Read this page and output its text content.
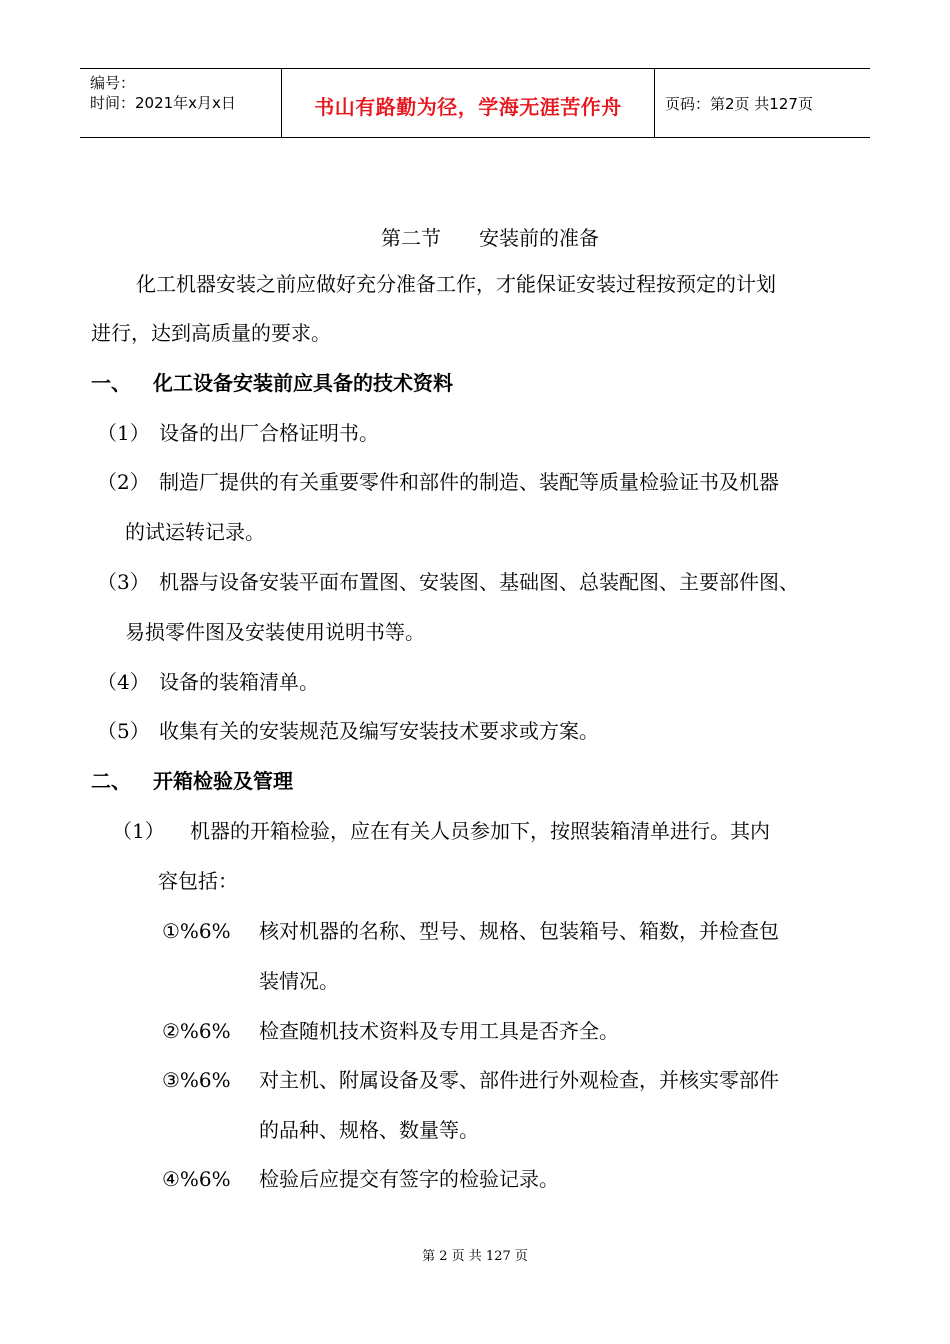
编号：
时间：2021年x月x日	书山有路勤为径，学海无涯苦作舟	页码：第2页 共127页
第二节 安装前的准备
化工机器安装之前应做好充分准备工作，才能保证安装过程按预定的计划
进行，达到高质量的要求。
一、 化工设备安装前应具备的技术资料
（1） 设备的出厂合格证明书。
（2） 制造厂提供的有关重要零件和部件的制造、装配等质量检验证书及机器
的试运转记录。
（3） 机器与设备安装平面布置图、安装图、基础图、总装配图、主要部件图、
易损零件图及安装使用说明书等。
（4） 设备的装箱清单。
（5） 收集有关的安装规范及编写安装技术要求或方案。
二、 开箱检验及管理
（1） 机器的开箱检验，应在有关人员参加下，按照装箱清单进行。其内
容包括：
①%6% 核对机器的名称、型号、规格、包装箱号、箱数，并检查包
装情况。
②%6% 检查随机技术资料及专用工具是否齐全。
③%6% 对主机、附属设备及零、部件进行外观检查，并核实零部件
的品种、规格、数量等。
④%6% 检验后应提交有签字的检验记录。
第 2 页 共 127 页
